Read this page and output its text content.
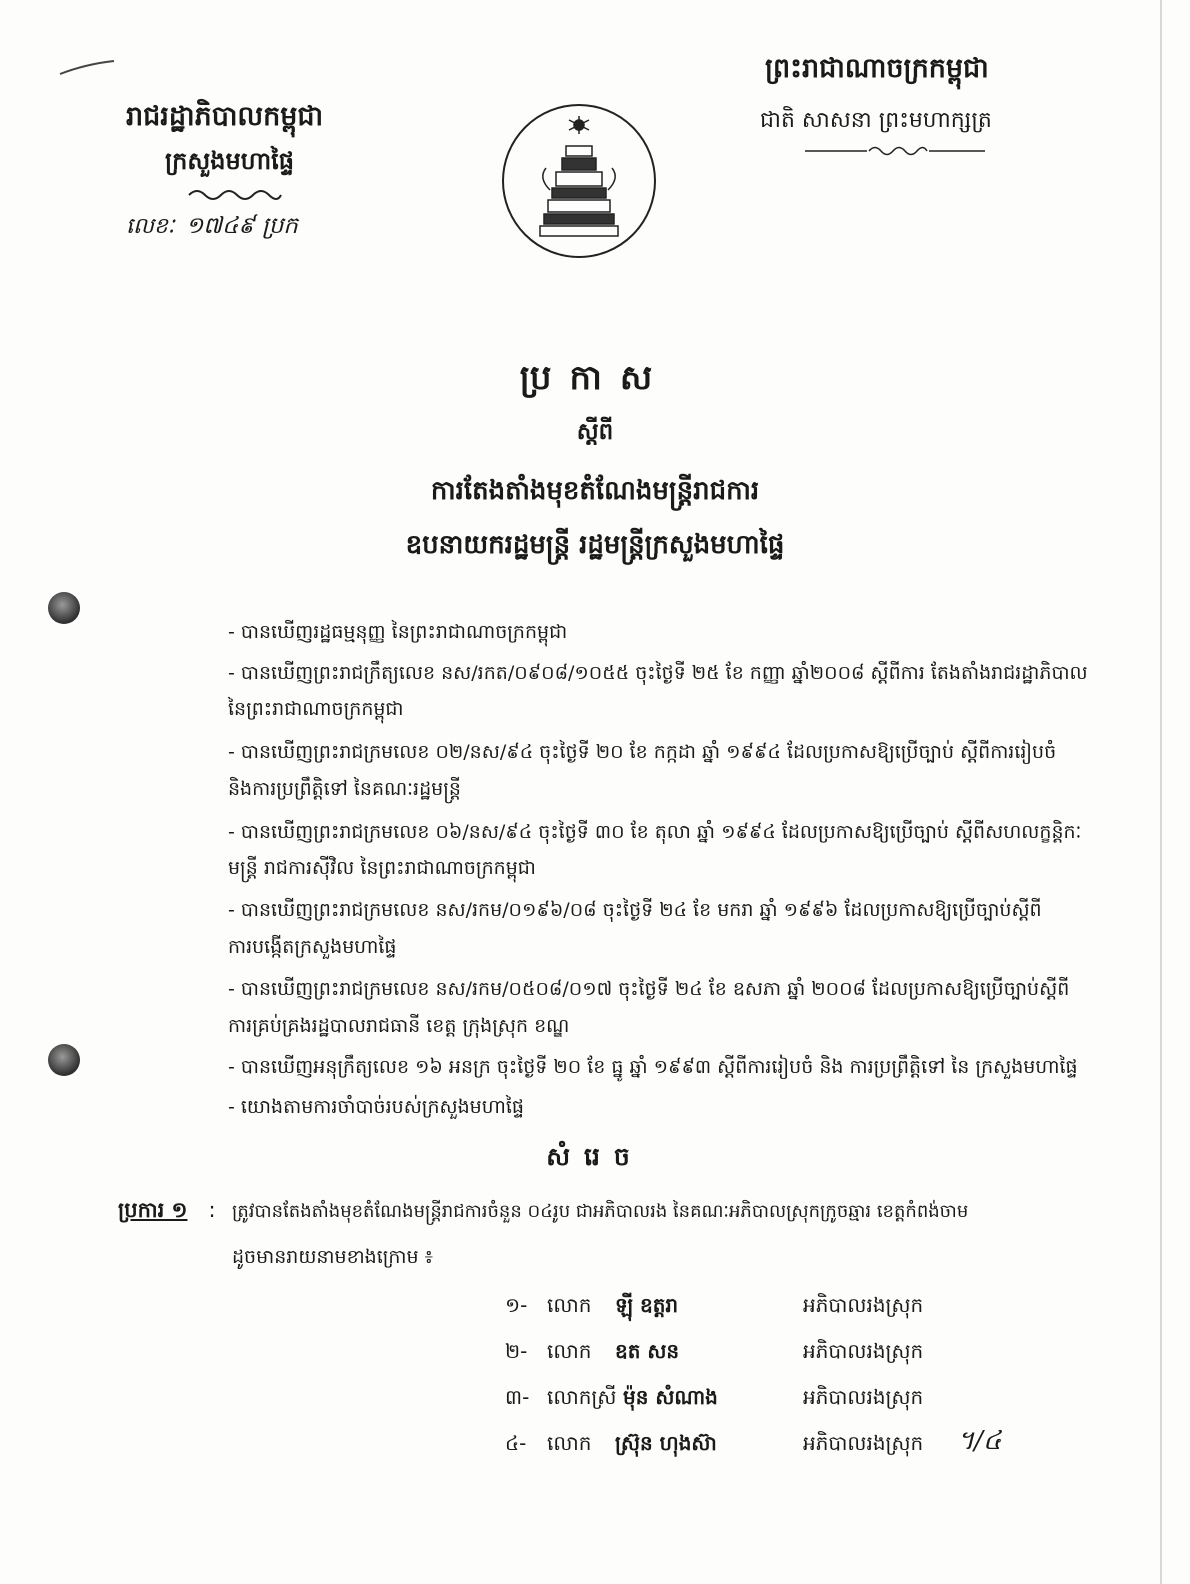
រាជរដ្ឋាភិបាលកម្ពុជា
ក្រសួងមហាផ្ទៃ
លេខៈ ១៧៤៩ ប្រក
ព្រះរាជាណាចក្រកម្ពុជា
ជាតិ សាសនា ព្រះមហាក្សត្រ
ប្រកាស
ស្តីពី
ការតែងតាំងមុខតំណែងមន្ត្រីរាជការ
ឧបនាយករដ្ឋមន្ត្រី រដ្ឋមន្ត្រីក្រសួងមហាផ្ទៃ
- បានឃើញរដ្ឋធម្មនុញ្ញ នៃព្រះរាជាណាចក្រកម្ពុជា
- បានឃើញព្រះរាជក្រឹត្យលេខ នស/រកត/០៩០៨/១០៥៥ ចុះថ្ងៃទី ២៥ ខែ កញ្ញា ឆ្នាំ២០០៨ ស្តីពីការ តែងតាំងរាជរដ្ឋាភិបាល
នៃព្រះរាជាណាចក្រកម្ពុជា
- បានឃើញព្រះរាជក្រមលេខ ០២/នស/៩៤ ចុះថ្ងៃទី ២០ ខែ កក្កដា ឆ្នាំ ១៩៩៤ ដែលប្រកាសឱ្យប្រើច្បាប់ ស្តីពីការរៀបចំ
និងការប្រព្រឹត្តិទៅ នៃគណៈរដ្ឋមន្ត្រី
- បានឃើញព្រះរាជក្រមលេខ ០៦/នស/៩៤ ចុះថ្ងៃទី ៣០ ខែ តុលា ឆ្នាំ ១៩៩៤ ដែលប្រកាសឱ្យប្រើច្បាប់ ស្តីពីសហលក្ខន្តិកៈ
មន្ត្រី រាជការស៊ីវិល នៃព្រះរាជាណាចក្រកម្ពុជា
- បានឃើញព្រះរាជក្រមលេខ នស/រកម/០១៩៦/០៨ ចុះថ្ងៃទី ២៤ ខែ មករា ឆ្នាំ ១៩៩៦ ដែលប្រកាសឱ្យប្រើច្បាប់ស្តីពី
ការបង្កើតក្រសួងមហាផ្ទៃ
- បានឃើញព្រះរាជក្រមលេខ នស/រកម/០៥០៨/០១៧ ចុះថ្ងៃទី ២៤ ខែ ឧសភា ឆ្នាំ ២០០៨ ដែលប្រកាសឱ្យប្រើច្បាប់ស្តីពី
ការគ្រប់គ្រងរដ្ឋបាលរាជធានី ខេត្ត ក្រុងស្រុក ខណ្ឌ
- បានឃើញអនុក្រឹត្យលេខ ១៦ អនក្រ ចុះថ្ងៃទី ២០ ខែ ធ្នូ ឆ្នាំ ១៩៩៣ ស្តីពីការរៀបចំ និង ការប្រព្រឹត្តិទៅ នៃ ក្រសួងមហាផ្ទៃ
- យោងតាមការចាំបាច់របស់ក្រសួងមហាផ្ទៃ
សំរេច
ប្រការ ១ : ត្រូវបានតែងតាំងមុខតំណែងមន្ត្រីរាជការចំនួន ០៤រូប ជាអភិបាលរង នៃគណៈអភិបាលស្រុកក្រូចឆ្មារ ខេត្តកំពង់ចាម
ដូចមានរាយនាមខាងក្រោម ៖
១- លោក ឡ៉ី ឧត្តរា	អភិបាលរងស្រុក
២- លោក ឧត សន	អភិបាលរងស្រុក
៣- លោកស្រី ម៉ុន សំណាង	អភិបាលរងស្រុក
៤- លោក ស្រ៊ុន ហុងស៊ា	អភិបាលរងស្រុក ។/៤
